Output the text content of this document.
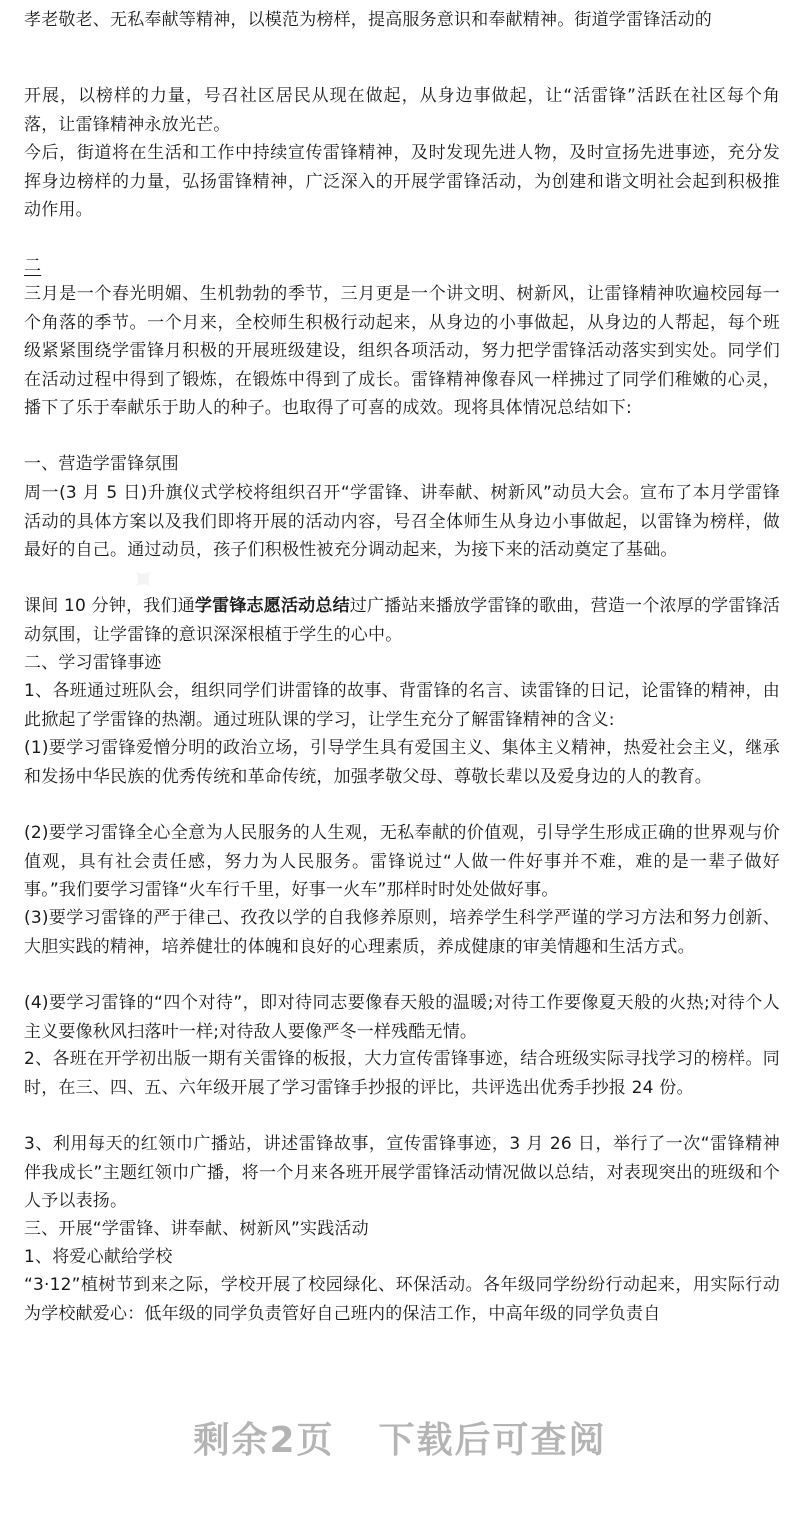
孝老敬老、无私奉献等精神，以模范为榜样，提高服务意识和奉献精神。街道学雷锋活动的

开展，以榜样的力量，号召社区居民从现在做起，从身边事做起，让“活雷锋”活跃在社区每个角落，让雷锋精神永放光芒。

今后，街道将在生活和工作中持续宣传雷锋精神，及时发现先进人物，及时宣扬先进事迹，充分发挥身边榜样的力量，弘扬雷锋精神，广泛深入的开展学雷锋活动，为创建和谐文明社会起到积极推动作用。

二

三月是一个春光明媚、生机勃勃的季节，三月更是一个讲文明、树新风，让雷锋精神吹遍校园每一个角落的季节。一个月来，全校师生积极行动起来，从身边的小事做起，从身边的人帮起，每个班级紧紧围绕学雷锋月积极的开展班级建设，组织各项活动，努力把学雷锋活动落实到实处。同学们在活动过程中得到了锻炼，在锻炼中得到了成长。雷锋精神像春风一样拂过了同学们稚嫩的心灵，播下了乐于奉献乐于助人的种子。也取得了可喜的成效。现将具体情况总结如下:

一、营造学雷锋氛围

周一(3 月 5 日)升旗仪式学校将组织召开“学雷锋、讲奉献、树新风”动员大会。宣布了本月学雷锋活动的具体方案以及我们即将开展的活动内容，号召全体师生从身边小事做起，以雷锋为榜样，做最好的自己。通过动员，孩子们积极性被充分调动起来，为接下来的活动奠定了基础。

课间 10 分钟，我们通学雷锋志愿活动总结过广播站来播放学雷锋的歌曲，营造一个浓厚的学雷锋活动氛围，让学雷锋的意识深深根植于学生的心中。

二、学习雷锋事迹

1、各班通过班队会，组织同学们讲雷锋的故事、背雷锋的名言、读雷锋的日记，论雷锋的精神，由此掀起了学雷锋的热潮。通过班队课的学习，让学生充分了解雷锋精神的含义:

(1)要学习雷锋爱憎分明的政治立场，引导学生具有爱国主义、集体主义精神，热爱社会主义，继承和发扬中华民族的优秀传统和革命传统，加强孝敬父母、尊敬长辈以及爱身边的人的教育。

(2)要学习雷锋全心全意为人民服务的人生观，无私奉献的价值观，引导学生形成正确的世界观与价值观，具有社会责任感，努力为人民服务。雷锋说过“人做一件好事并不难，难的是一辈子做好事。”我们要学习雷锋“火车行千里，好事一火车”那样时时处处做好事。

(3)要学习雷锋的严于律己、孜孜以学的自我修养原则，培养学生科学严谨的学习方法和努力创新、大胆实践的精神，培养健壮的体魄和良好的心理素质，养成健康的审美情趣和生活方式。

(4)要学习雷锋的“四个对待”，即对待同志要像春天般的温暖;对待工作要像夏天般的火热;对待个人主义要像秋风扫落叶一样;对待敌人要像严冬一样残酷无情。

2、各班在开学初出版一期有关雷锋的板报，大力宣传雷锋事迹，结合班级实际寻找学习的榜样。同时，在三、四、五、六年级开展了学习雷锋手抄报的评比，共评选出优秀手抄报 24 份。

3、利用每天的红领巾广播站，讲述雷锋故事，宣传雷锋事迹，3 月 26 日，举行了一次“雷锋精神伴我成长”主题红领巾广播，将一个月来各班开展学雷锋活动情况做以总结，对表现突出的班级和个人予以表扬。

三、开展“学雷锋、讲奉献、树新风”实践活动

1、将爱心献给学校

“3·12”植树节到来之际，学校开展了校园绿化、环保活动。各年级同学纷纷行动起来，用实际行动为学校献爱心：低年级的同学负责管好自己班内的保洁工作，中高年级的同学负责自

剩余2页 下载后可查阅
